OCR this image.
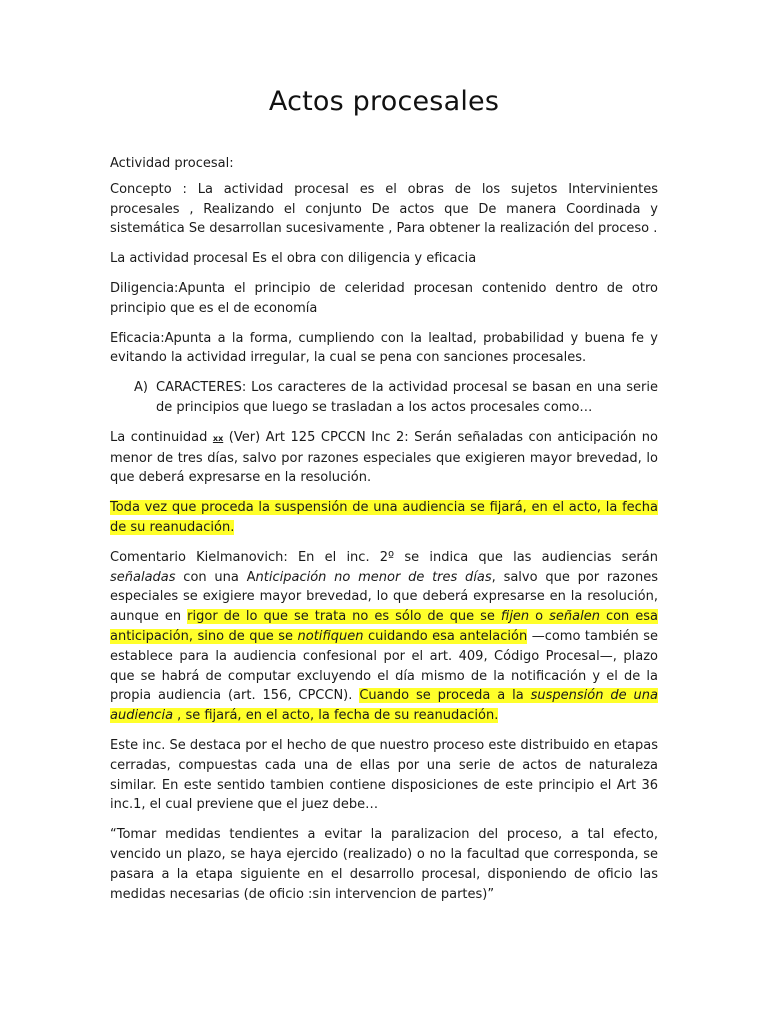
Actos procesales

Actividad procesal:

Concepto : La actividad procesal es el obras de los sujetos Intervinientes procesales , Realizando el conjunto De actos que De manera Coordinada y sistemática Se desarrollan sucesivamente , Para obtener la realización del proceso .

La actividad procesal Es el obra con diligencia y eficacia

Diligencia:Apunta el principio de celeridad procesan contenido dentro de otro principio que es el de economía

Eficacia:Apunta a la forma, cumpliendo con la lealtad, probabilidad y buena fe y evitando la actividad irregular, la cual se pena con sanciones procesales.

A) CARACTERES: Los caracteres de la actividad procesal se basan en una serie de principios que luego se trasladan a los actos procesales como…

La continuidad xx (Ver) Art 125 CPCCN Inc 2: Serán señaladas con anticipación no menor de tres días, salvo por razones especiales que exigieren mayor brevedad, lo que deberá expresarse en la resolución.

Toda vez que proceda la suspensión de una audiencia se fijará, en el acto, la fecha de su reanudación.

Comentario Kielmanovich: En el inc. 2º se indica que las audiencias serán señaladas con una Anticipación no menor de tres días, salvo que por razones especiales se exigiere mayor brevedad, lo que deberá expresarse en la resolución, aunque en rigor de lo que se trata no es sólo de que se fijen o señalen con esa anticipación, sino de que se notifiquen cuidando esa antelación —como también se establece para la audiencia confesional por el art. 409, Código Procesal—, plazo que se habrá de computar excluyendo el día mismo de la notificación y el de la propia audiencia (art. 156, CPCCN). Cuando se proceda a la suspensión de una audiencia , se fijará, en el acto, la fecha de su reanudación.

Este inc. Se destaca por el hecho de que nuestro proceso este distribuido en etapas cerradas, compuestas cada una de ellas por una serie de actos de naturaleza similar. En este sentido tambien contiene disposiciones de este principio el Art 36 inc.1, el cual previene que el juez debe…

“Tomar medidas tendientes a evitar la paralizacion del proceso, a tal efecto, vencido un plazo, se haya ejercido (realizado) o no la facultad que corresponda, se pasara a la etapa siguiente en el desarrollo procesal, disponiendo de oficio las medidas necesarias (de oficio :sin intervencion de partes)”
